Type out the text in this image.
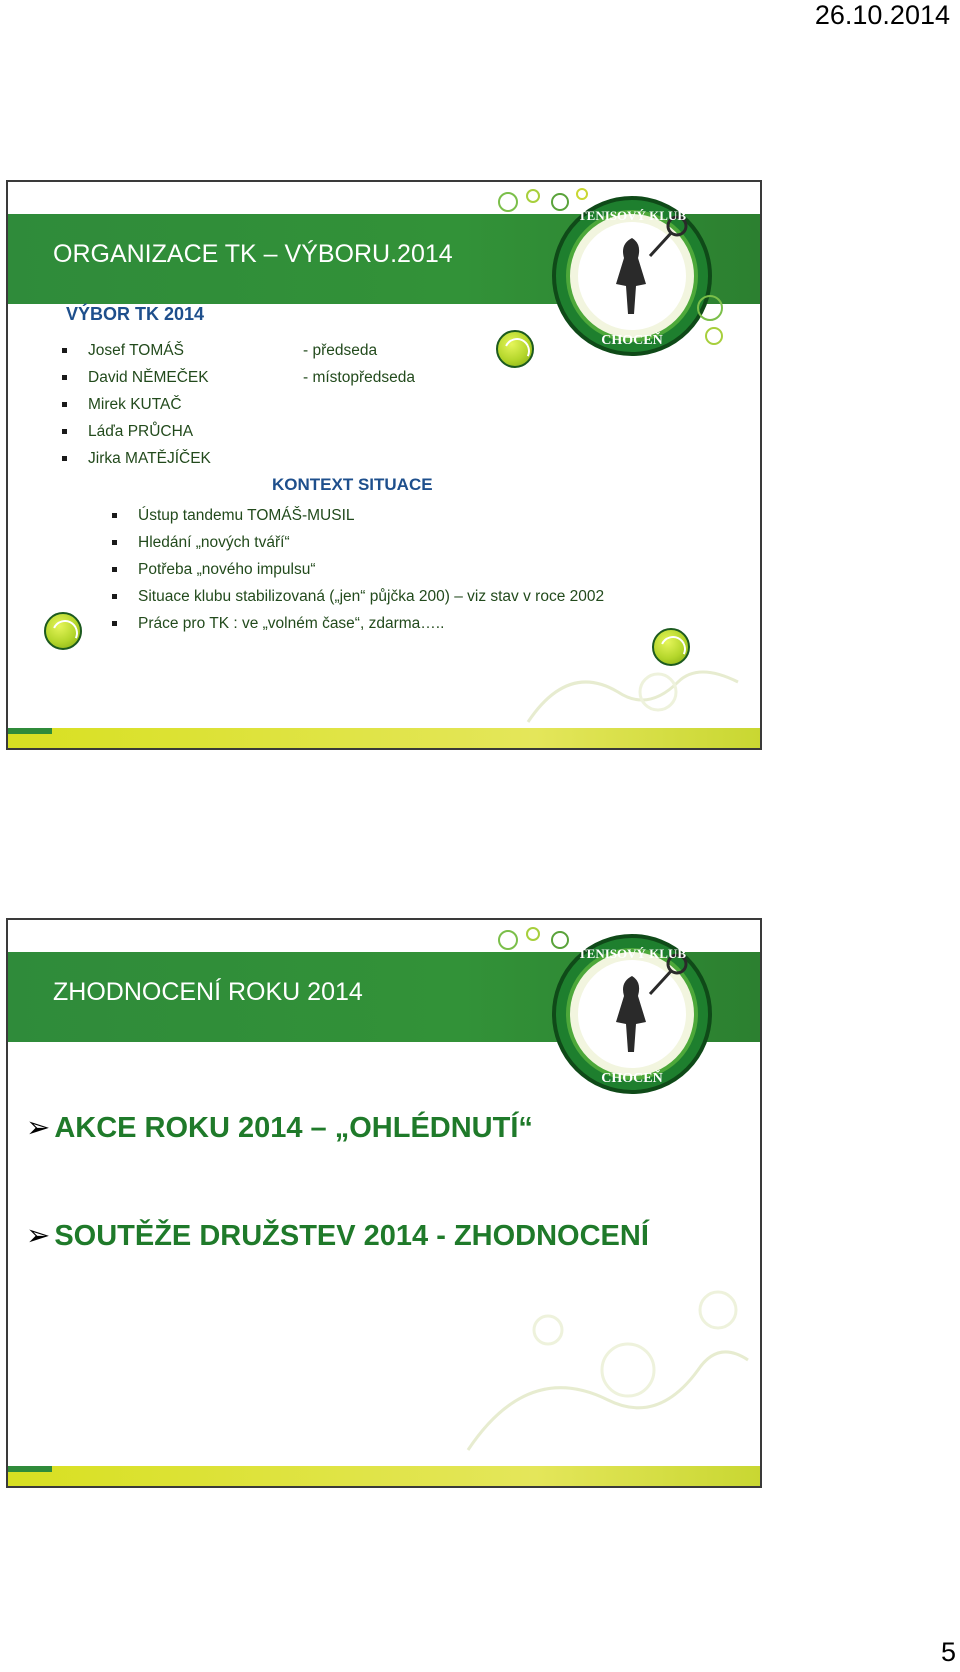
26.10.2014
ORGANIZACE TK – VÝBORU.2014
TENISOVÝ KLUB
CHOCEŇ
VÝBOR TK 2014
Josef TOMÁŠ	- předseda
David NĚMEČEK	- místopředseda
Mirek KUTAČ
Láďa PRŮCHA
Jirka MATĚJÍČEK
KONTEXT SITUACE
Ústup tandemu TOMÁŠ-MUSIL
Hledání „nových tváří“
Potřeba „nového impulsu“
Situace klubu stabilizovaná („jen“ půjčka 200) – viz stav v roce 2002
Práce pro TK : ve „volném čase“, zdarma…..
ZHODNOCENÍ ROKU 2014
TENISOVÝ KLUB
CHOCEŇ
➢ AKCE ROKU 2014 – „OHLÉDNUTÍ“
➢ SOUTĚŽE DRUŽSTEV 2014 - ZHODNOCENÍ
5
